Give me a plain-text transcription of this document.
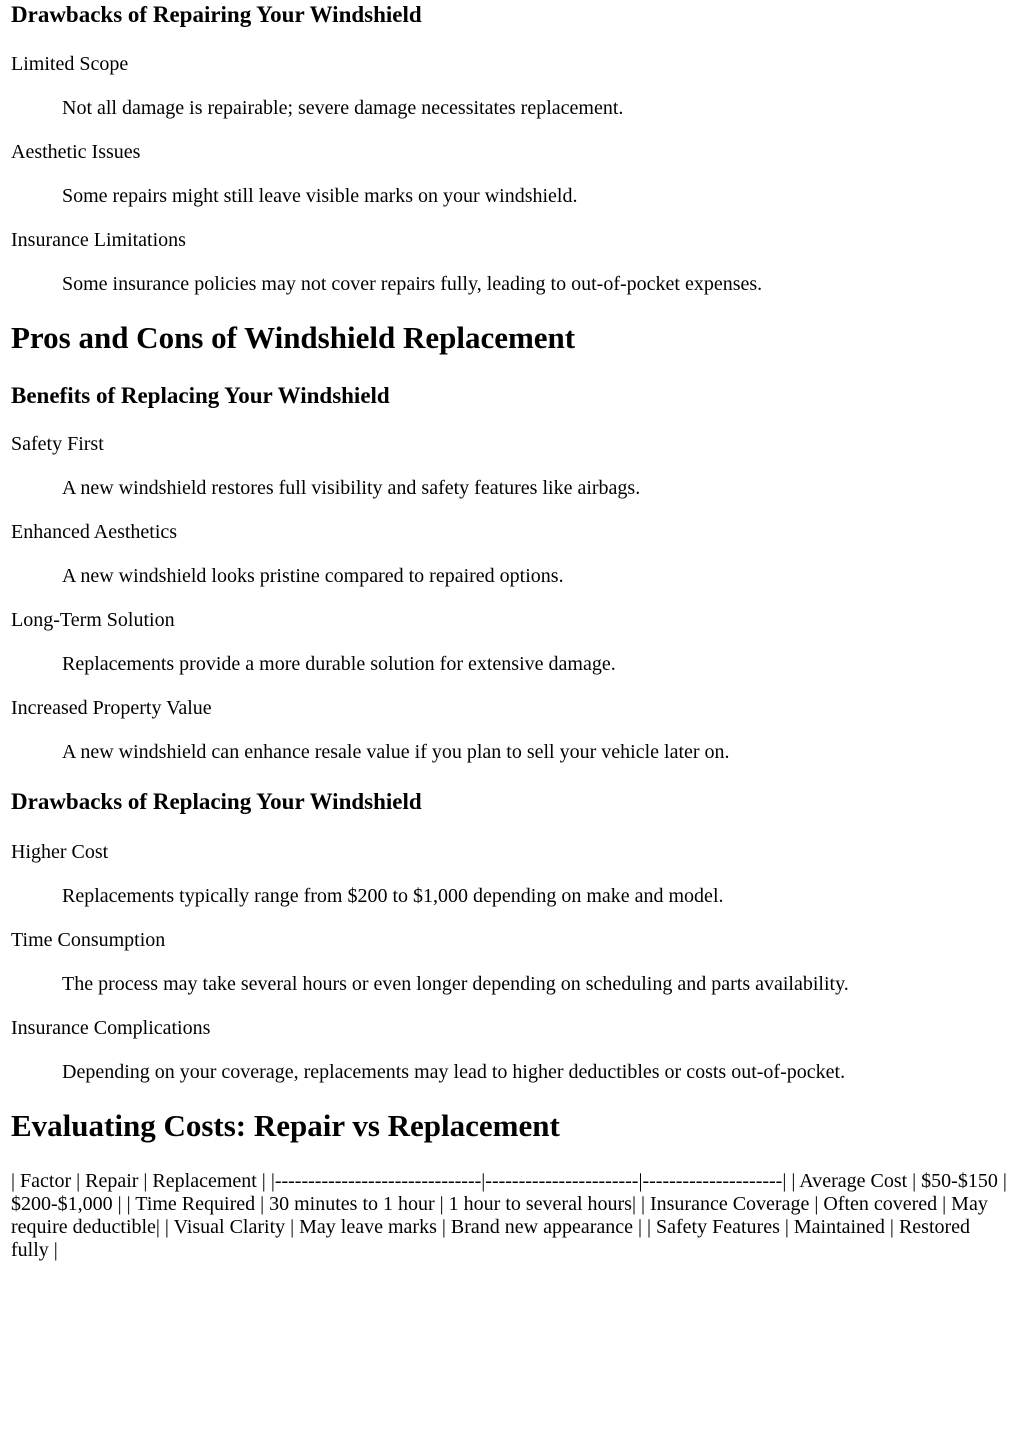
Drawbacks of Repairing Your Windshield
Limited Scope
Not all damage is repairable; severe damage necessitates replacement.
Aesthetic Issues
Some repairs might still leave visible marks on your windshield.
Insurance Limitations
Some insurance policies may not cover repairs fully, leading to out-of-pocket expenses.
Pros and Cons of Windshield Replacement
Benefits of Replacing Your Windshield
Safety First
A new windshield restores full visibility and safety features like airbags.
Enhanced Aesthetics
A new windshield looks pristine compared to repaired options.
Long-Term Solution
Replacements provide a more durable solution for extensive damage.
Increased Property Value
A new windshield can enhance resale value if you plan to sell your vehicle later on.
Drawbacks of Replacing Your Windshield
Higher Cost
Replacements typically range from $200 to $1,000 depending on make and model.
Time Consumption
The process may take several hours or even longer depending on scheduling and parts availability.
Insurance Complications
Depending on your coverage, replacements may lead to higher deductibles or costs out-of-pocket.
Evaluating Costs: Repair vs Replacement

| Factor | Repair | Replacement | |-------------------------------|-----------------------|---------------------| | Average Cost | $50-$150 | $200-$1,000 | | Time Required | 30 minutes to 1 hour | 1 hour to several hours| | Insurance Coverage | Often covered | May require deductible| | Visual Clarity | May leave marks | Brand new appearance | | Safety Features | Maintained | Restored fully |
